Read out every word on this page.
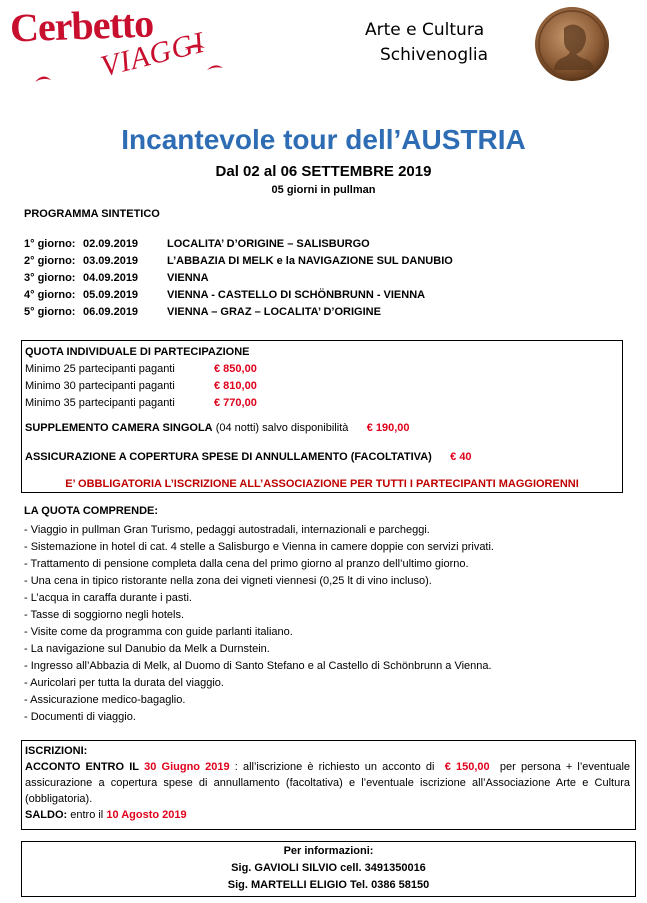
Cerbetto
VIAGGI	Arte e Cultura
Schivenoglia
Incantevole tour dell’AUSTRIA
Dal 02 al 06 SETTEMBRE 2019
05 giorni in pullman
PROGRAMMA SINTETICO
1° giorno: 02.09.2019	LOCALITA’ D’ORIGINE – SALISBURGO
2° giorno: 03.09.2019	L’ABBAZIA DI MELK e la NAVIGAZIONE SUL DANUBIO
3° giorno: 04.09.2019	VIENNA
4° giorno: 05.09.2019	VIENNA - CASTELLO DI SCHÖNBRUNN - VIENNA
5° giorno: 06.09.2019	VIENNA – GRAZ – LOCALITA’ D’ORIGINE
QUOTA INDIVIDUALE DI PARTECIPAZIONE
Minimo 25 partecipanti paganti	€ 850,00
Minimo 30 partecipanti paganti	€ 810,00
Minimo 35 partecipanti paganti	€ 770,00
SUPPLEMENTO CAMERA SINGOLA (04 notti) salvo disponibilità € 190,00
ASSICURAZIONE A COPERTURA SPESE DI ANNULLAMENTO (FACOLTATIVA) € 40
E’ OBBLIGATORIA L’ISCRIZIONE ALL’ASSOCIAZIONE PER TUTTI I PARTECIPANTI MAGGIORENNI
LA QUOTA COMPRENDE:
- Viaggio in pullman Gran Turismo, pedaggi autostradali, internazionali e parcheggi.
- Sistemazione in hotel di cat. 4 stelle a Salisburgo e Vienna in camere doppie con servizi privati.
- Trattamento di pensione completa dalla cena del primo giorno al pranzo dell’ultimo giorno.
- Una cena in tipico ristorante nella zona dei vigneti viennesi (0,25 lt di vino incluso).
- L’acqua in caraffa durante i pasti.
- Tasse di soggiorno negli hotels.
- Visite come da programma con guide parlanti italiano.
- La navigazione sul Danubio da Melk a Durnstein.
- Ingresso all’Abbazia di Melk, al Duomo di Santo Stefano e al Castello di Schönbrunn a Vienna.
- Auricolari per tutta la durata del viaggio.
- Assicurazione medico-bagaglio.
- Documenti di viaggio.
ISCRIZIONI:
ACCONTO ENTRO IL 30 Giugno 2019 : all’iscrizione è richiesto un acconto di € 150,00 per persona + l’eventuale assicurazione a copertura spese di annullamento (facoltativa) e l’eventuale iscrizione all’Associazione Arte e Cultura (obbligatoria).
SALDO: entro il 10 Agosto 2019
Per informazioni:
Sig. GAVIOLI SILVIO cell. 3491350016
Sig. MARTELLI ELIGIO Tel. 0386 58150
